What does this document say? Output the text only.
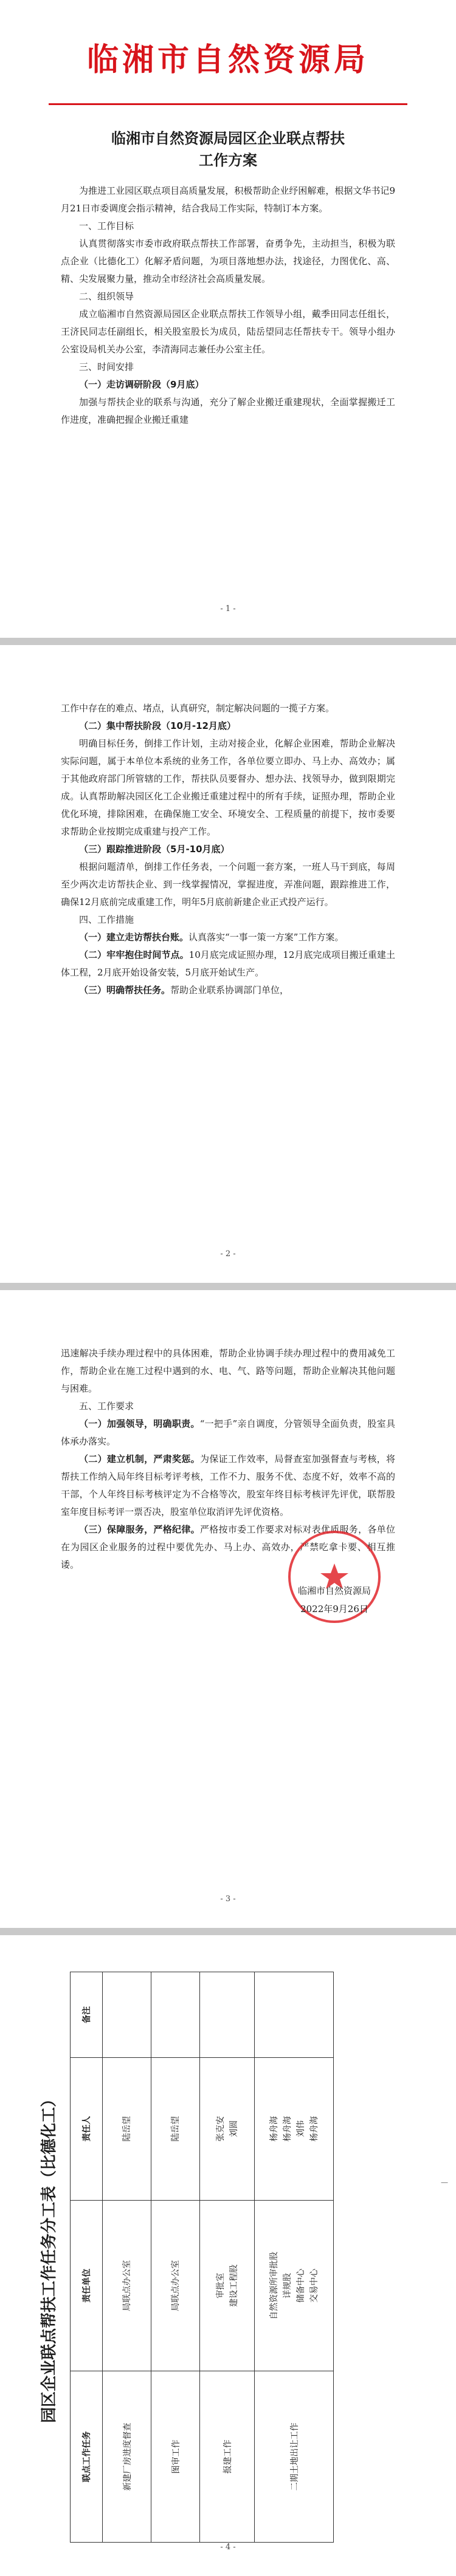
临湘市自然资源局
临湘市自然资源局园区企业联点帮扶
工作方案

为推进工业园区联点项目高质量发展，积极帮助企业纾困解难，根据文华书记9月21日市委调度会指示精神，结合我局工作实际，特制订本方案。

一、工作目标

认真贯彻落实市委市政府联点帮扶工作部署，奋勇争先，主动担当，积极为联点企业（比德化工）化解矛盾问题，为项目落地想办法，找途径，力图优化、高、精、尖发展聚力量，推动全市经济社会高质量发展。

二、组织领导

成立临湘市自然资源局园区企业联点帮扶工作领导小组，戴季田同志任组长，王济民同志任副组长，相关股室股长为成员，陆岳望同志任帮扶专干。领导小组办公室设局机关办公室，李清海同志兼任办公室主任。

三、时间安排

（一）走访调研阶段（9月底）

加强与帮扶企业的联系与沟通，充分了解企业搬迁重建现状，全面掌握搬迁工作进度，准确把握企业搬迁重建

- 1 -

工作中存在的难点、堵点，认真研究，制定解决问题的一揽子方案。

（二）集中帮扶阶段（10月-12月底）

明确目标任务，倒排工作计划，主动对接企业，化解企业困难，帮助企业解决实际问题，属于本单位本系统的业务工作，各单位要立即办、马上办、高效办；属于其他政府部门所管辖的工作，帮扶队员要督办、想办法、找领导办，做到限期完成。认真帮助解决园区化工企业搬迁重建过程中的所有手续，证照办理，帮助企业优化环境，排除困难，在确保施工安全、环境安全、工程质量的前提下，按市委要求帮助企业按期完成重建与投产工作。

（三）跟踪推进阶段（5月-10月底）

根据问题清单，倒排工作任务表，一个问题一套方案，一班人马干到底，每周至少两次走访帮扶企业、到一线掌握情况，掌握进度，弄准问题，跟踪推进工作，确保12月底前完成重建工作，明年5月底前新建企业正式投产运行。

四、工作措施

（一）建立走访帮扶台账。认真落实“一事一策一方案”工作方案。

（二）牢牢抱住时间节点。10月底完成证照办理，12月底完成项目搬迁重建土体工程，2月底开始设备安装，5月底开始试生产。

（三）明确帮扶任务。帮助企业联系协调部门单位，

- 2 -

迅速解决手续办理过程中的具体困难，帮助企业协调手续办理过程中的费用减免工作，帮助企业在施工过程中遇到的水、电、气、路等问题，帮助企业解决其他问题与困难。

五、工作要求

（一）加强领导，明确职责。“一把手”亲自调度，分管领导全面负责，股室具体承办落实。

（二）建立机制，严肃奖惩。为保证工作效率，局督查室加强督查与考核，将帮扶工作纳入局年终目标考评考核，工作不力、服务不优、态度不好，效率不高的干部，个人年终目标考核评定为不合格等次，股室年终目标考核评先评优，联帮股室年度目标考评一票否决，股室单位取消评先评优资格。

（三）保障服务，严格纪律。严格按市委工作要求对标对表优质服务，各单位在为园区企业服务的过程中要优先办、马上办、高效办，严禁吃拿卡要、相互推诿。

临湘市自然资源局
2022年9月26日
- 3 -
园区企业联点帮扶工作任务分工表（比德化工）
联点工作任务	责任单位	责任人	备注
新建厂房进度督查	局联点办公室	陆岳望	

图审工作	局联点办公室	陆岳望	

报建工作	审批室 建设工程股	张克安 刘圆	

二期土地出让工作	自然资源所审批股 详规股 储备中心 交易中心	杨舟海 杨舟海 刘伟 杨舟海	

—
- 4 -
